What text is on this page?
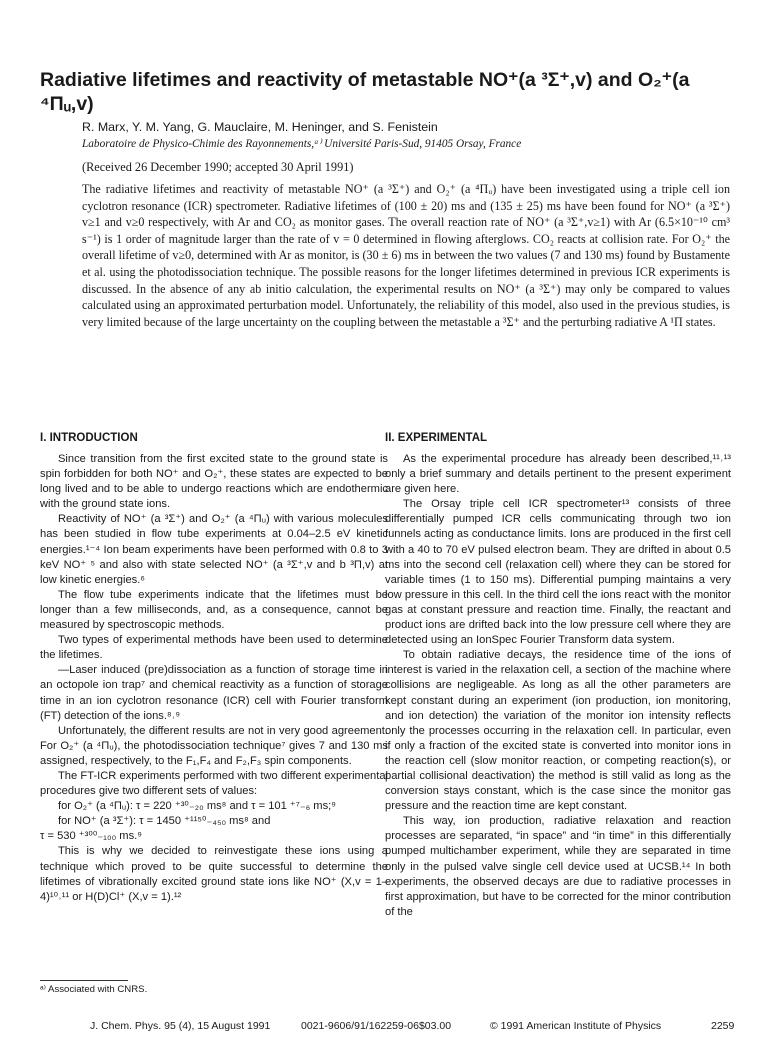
Radiative lifetimes and reactivity of metastable NO⁺(a ³Σ⁺,v) and O₂⁺(a ⁴Πᵤ,v)
R. Marx, Y. M. Yang, G. Mauclaire, M. Heninger, and S. Fenistein
Laboratoire de Physico-Chimie des Rayonnements,ᵃ⁾ Université Paris-Sud, 91405 Orsay, France
(Received 26 December 1990; accepted 30 April 1991)

The radiative lifetimes and reactivity of metastable NO⁺ (a ³Σ⁺) and O₂⁺ (a ⁴Πᵤ) have been investigated using a triple cell ion cyclotron resonance (ICR) spectrometer. Radiative lifetimes of (100 ± 20) ms and (135 ± 25) ms have been found for NO⁺ (a ³Σ⁺) v≥1 and v≥0 respectively, with Ar and CO₂ as monitor gases. The overall reaction rate of NO⁺ (a ³Σ⁺,v≥1) with Ar (6.5×10⁻¹⁰ cm³ s⁻¹) is 1 order of magnitude larger than the rate of v = 0 determined in flowing afterglows. CO₂ reacts at collision rate. For O₂⁺ the overall lifetime of v≥0, determined with Ar as monitor, is (30 ± 6) ms in between the two values (7 and 130 ms) found by Bustamente et al. using the photodissociation technique. The possible reasons for the longer lifetimes determined in previous ICR experiments is discussed. In the absence of any ab initio calculation, the experimental results on NO⁺ (a ³Σ⁺) may only be compared to values calculated using an approximated perturbation model. Unfortunately, the reliability of this model, also used in the previous studies, is very limited because of the large uncertainty on the coupling between the metastable a ³Σ⁺ and the perturbing radiative A ¹Π states.

I. INTRODUCTION

Since transition from the first excited state to the ground state is spin forbidden for both NO⁺ and O₂⁺, these states are expected to be long lived and to be able to undergo reactions which are endothermic with the ground state ions.

Reactivity of NO⁺ (a ³Σ⁺) and O₂⁺ (a ⁴Πᵤ) with various molecules has been studied in flow tube experiments at 0.04–2.5 eV kinetic energies.¹⁻⁴ Ion beam experiments have been performed with 0.8 to 3 keV NO⁺ ⁵ and also with state selected NO⁺ (a ³Σ⁺,v and b ³Π,v) at low kinetic energies.⁶

The flow tube experiments indicate that the lifetimes must be longer than a few milliseconds, and, as a consequence, cannot be measured by spectroscopic methods.

Two types of experimental methods have been used to determine the lifetimes.

—Laser induced (pre)dissociation as a function of storage time in an octopole ion trap⁷ and chemical reactivity as a function of storage time in an ion cyclotron resonance (ICR) cell with Fourier transform (FT) detection of the ions.⁸˒⁹

Unfortunately, the different results are not in very good agreement. For O₂⁺ (a ⁴Πᵤ), the photodissociation technique⁷ gives 7 and 130 ms assigned, respectively, to the F₁,F₄ and F₂,F₃ spin components.

The FT-ICR experiments performed with two different experimental procedures give two different sets of values:

for O₂⁺ (a ⁴Πᵤ): τ = 220 ⁺³⁰₋₂₀ ms⁸ and τ = 101 ⁺⁷₋₆ ms;⁹

for NO⁺ (a ³Σ⁺): τ = 1450 ⁺¹¹⁵⁰₋₄₅₀ ms⁸ and

τ = 530 ⁺³⁰⁰₋₁₀₀ ms.⁹

This is why we decided to reinvestigate these ions using a technique which proved to be quite successful to determine the lifetimes of vibrationally excited ground state ions like NO⁺ (X,v = 1–4)¹⁰˒¹¹ or H(D)Cl⁺ (X,v = 1).¹²

II. EXPERIMENTAL

As the experimental procedure has already been described,¹¹˒¹³ only a brief summary and details pertinent to the present experiment are given here.

The Orsay triple cell ICR spectrometer¹³ consists of three differentially pumped ICR cells communicating through two ion funnels acting as conductance limits. Ions are produced in the first cell with a 40 to 70 eV pulsed electron beam. They are drifted in about 0.5 ms into the second cell (relaxation cell) where they can be stored for variable times (1 to 150 ms). Differential pumping maintains a very low pressure in this cell. In the third cell the ions react with the monitor gas at constant pressure and reaction time. Finally, the reactant and product ions are drifted back into the low pressure cell where they are detected using an IonSpec Fourier Transform data system.

To obtain radiative decays, the residence time of the ions of interest is varied in the relaxation cell, a section of the machine where collisions are negligeable. As long as all the other parameters are kept constant during an experiment (ion production, ion monitoring, and ion detection) the variation of the monitor ion intensity reflects only the processes occurring in the relaxation cell. In particular, even if only a fraction of the excited state is converted into monitor ions in the reaction cell (slow monitor reaction, or competing reaction(s), or partial collisional deactivation) the method is still valid as long as the conversion stays constant, which is the case since the monitor gas pressure and the reaction time are kept constant.

This way, ion production, radiative relaxation and reaction processes are separated, “in space” and “in time” in this differentially pumped multichamber experiment, while they are separated in time only in the pulsed valve single cell device used at UCSB.¹⁴ In both experiments, the observed decays are due to radiative processes in first approximation, but have to be corrected for the minor contribution of the

ᵃ⁾ Associated with CNRS.
J. Chem. Phys. 95 (4), 15 August 1991	0021-9606/91/162259-06$03.00	© 1991 American Institute of Physics	2259
